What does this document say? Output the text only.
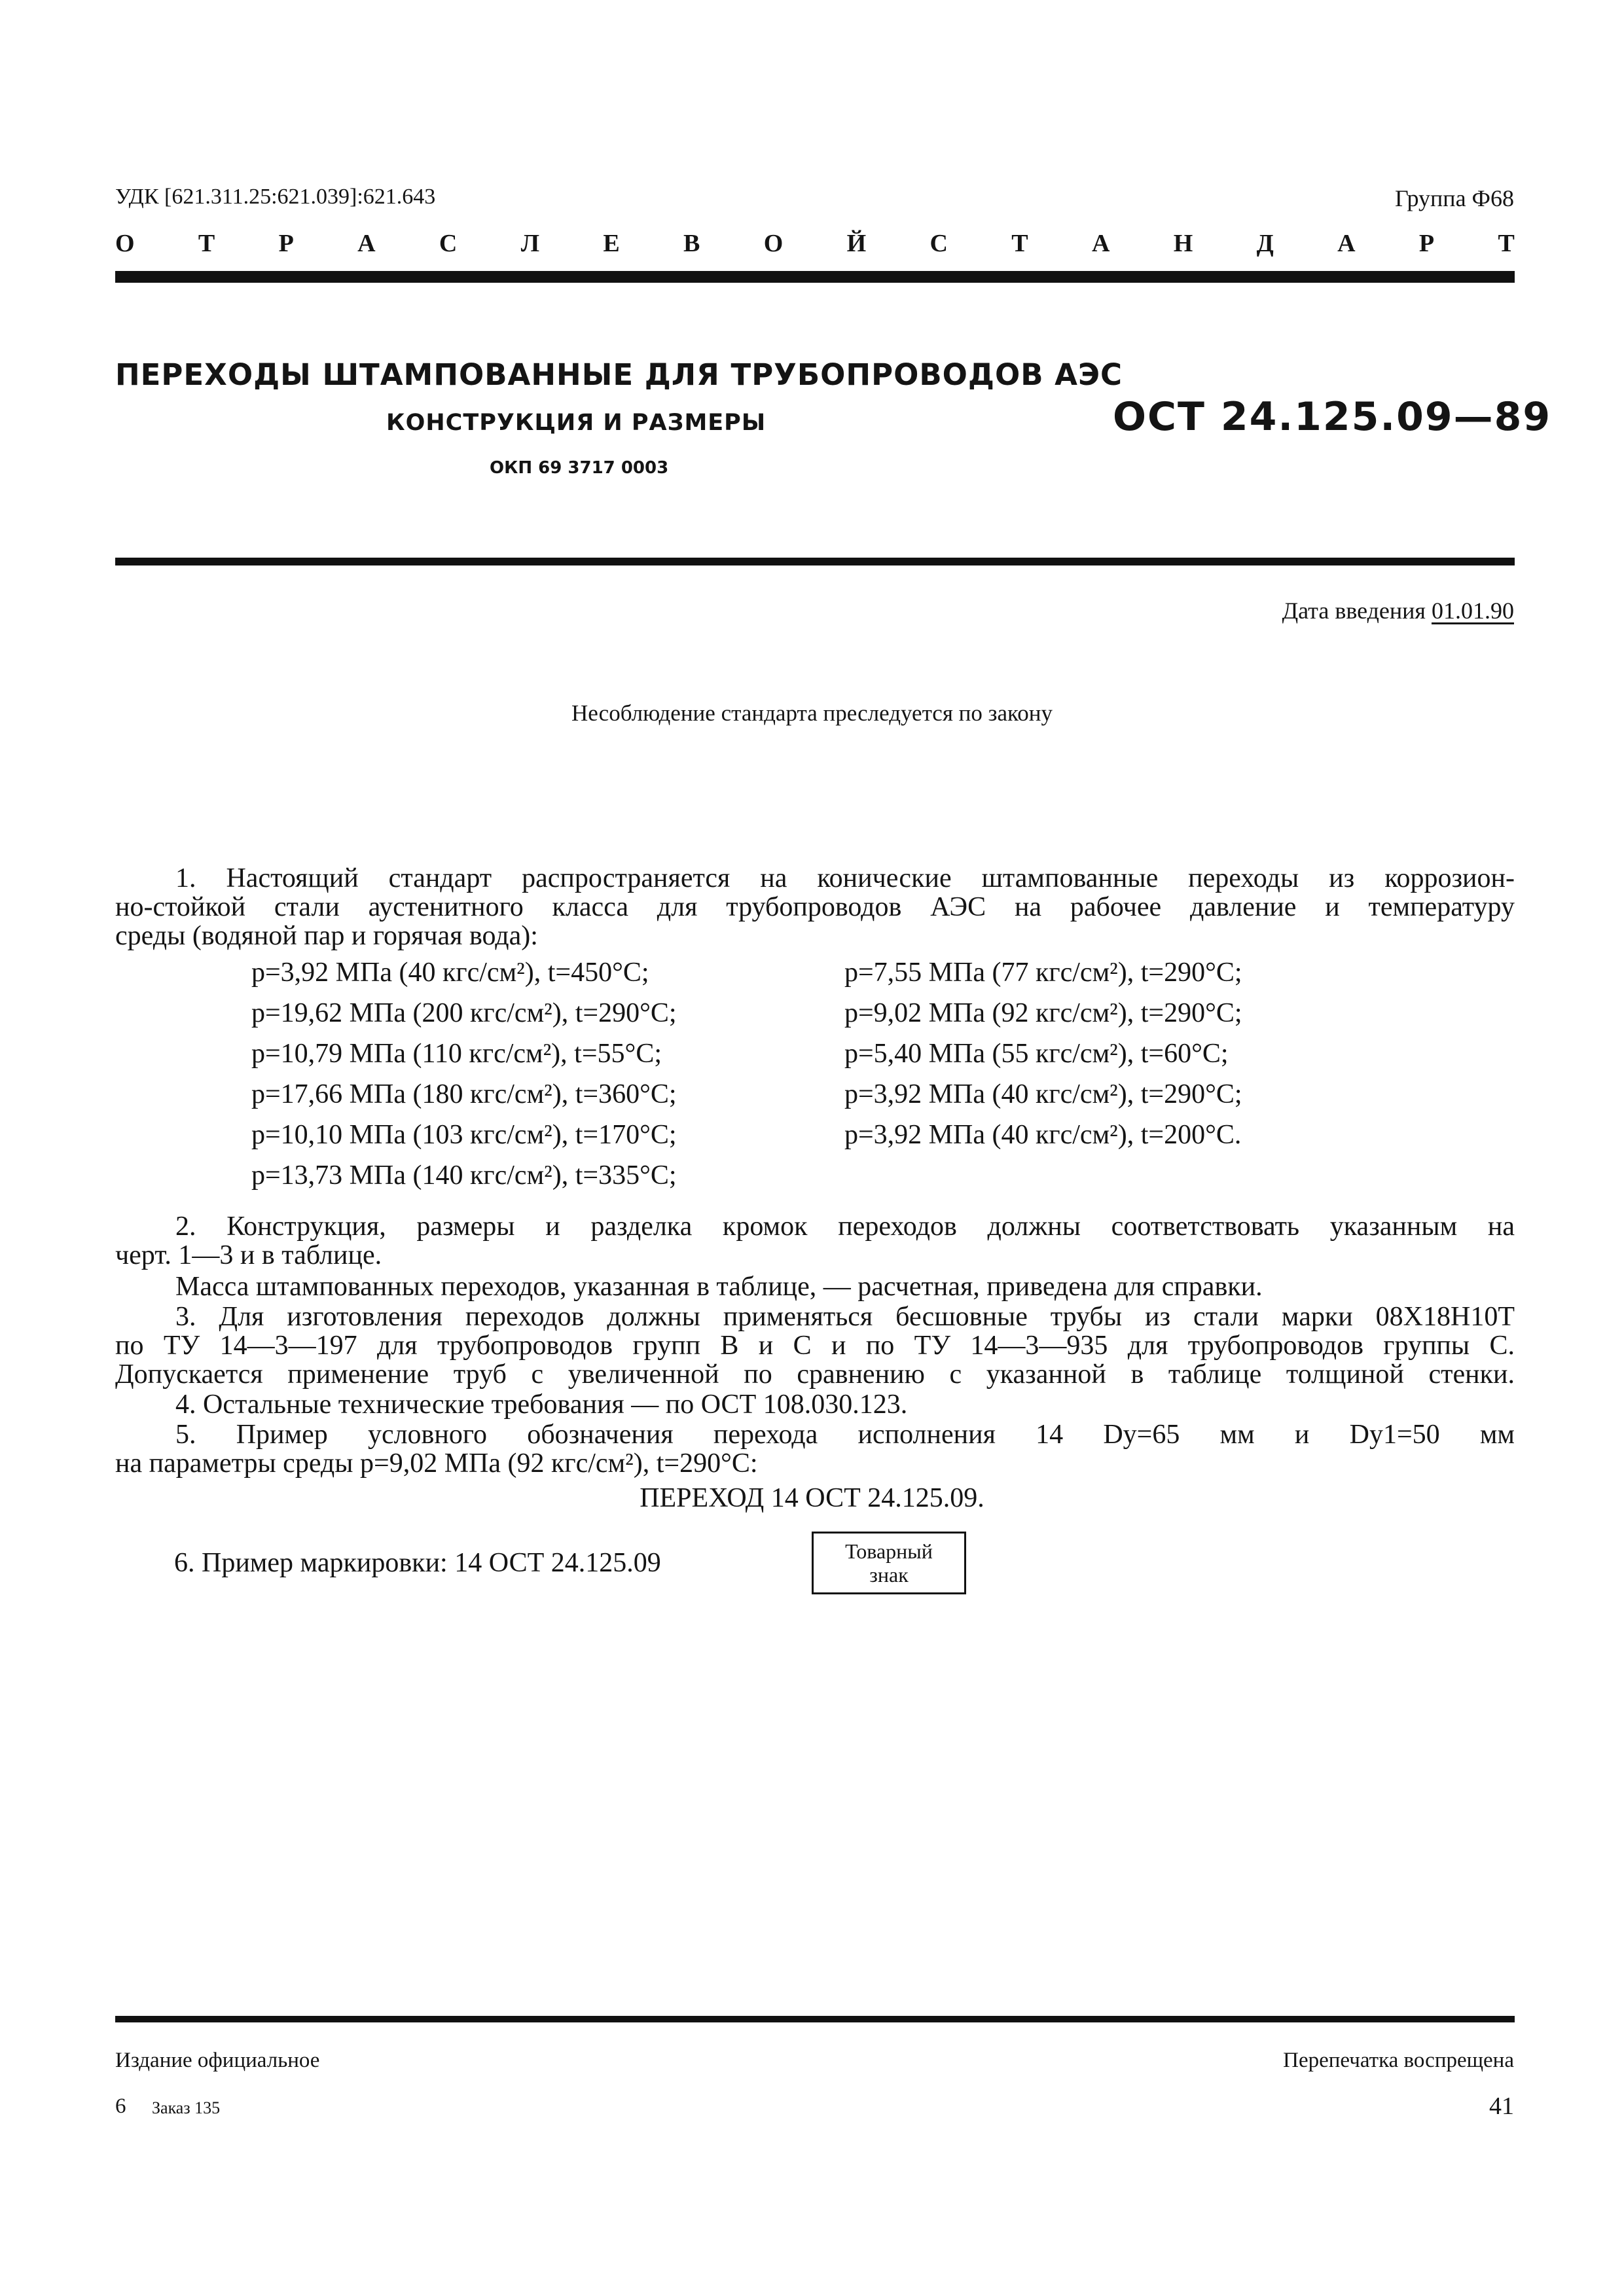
УДК [621.311.25:621.039]:621.643	Группа Ф68
О	Т	Р	А	С	Л	Е	В	О	Й	С	Т	А	Н	Д	А	Р	Т
ПЕРЕХОДЫ ШТАМПОВАННЫЕ ДЛЯ ТРУБОПРОВОДОВ АЭС
КОНСТРУКЦИЯ И РАЗМЕРЫ
ОКП 69 3717 0003
ОСТ 24.125.09—89
Дата введения 01.01.90
Несоблюдение стандарта преследуется по закону
1. Настоящий стандарт распространяется на конические штампованные переходы из коррозион-
но-стойкой стали аустенитного класса для трубопроводов АЭС на рабочее давление и температуру
среды (водяной пар и горячая вода):
p=3,92 МПа (40 кгс/см²), t=450°С;
p=19,62 МПа (200 кгс/см²), t=290°С;
p=10,79 МПа (110 кгс/см²), t=55°С;
p=17,66 МПа (180 кгс/см²), t=360°С;
p=10,10 МПа (103 кгс/см²), t=170°С;
p=13,73 МПа (140 кгс/см²), t=335°С;
p=7,55 МПа (77 кгс/см²), t=290°С;
p=9,02 МПа (92 кгс/см²), t=290°С;
p=5,40 МПа (55 кгс/см²), t=60°С;
p=3,92 МПа (40 кгс/см²), t=290°С;
p=3,92 МПа (40 кгс/см²), t=200°С.
2. Конструкция, размеры и разделка кромок переходов должны соответствовать указанным на
черт. 1—3 и в таблице.
Масса штампованных переходов, указанная в таблице, — расчетная, приведена для справки.
3. Для изготовления переходов должны применяться бесшовные трубы из стали марки 08Х18Н10Т
по ТУ 14—3—197 для трубопроводов групп В и С и по ТУ 14—3—935 для трубопроводов группы С.
Допускается применение труб с увеличенной по сравнению с указанной в таблице толщиной стенки.
4. Остальные технические требования — по ОСТ 108.030.123.
5. Пример условного обозначения перехода исполнения 14 Dу=65 мм и Dу1=50 мм
на параметры среды p=9,02 МПа (92 кгс/см²), t=290°С:
ПЕРЕХОД 14 ОСТ 24.125.09.
6. Пример маркировки: 14 ОСТ 24.125.09	Товарный
знак
Издание официальное	Перепечатка воспрещена
6 Заказ 135	41
